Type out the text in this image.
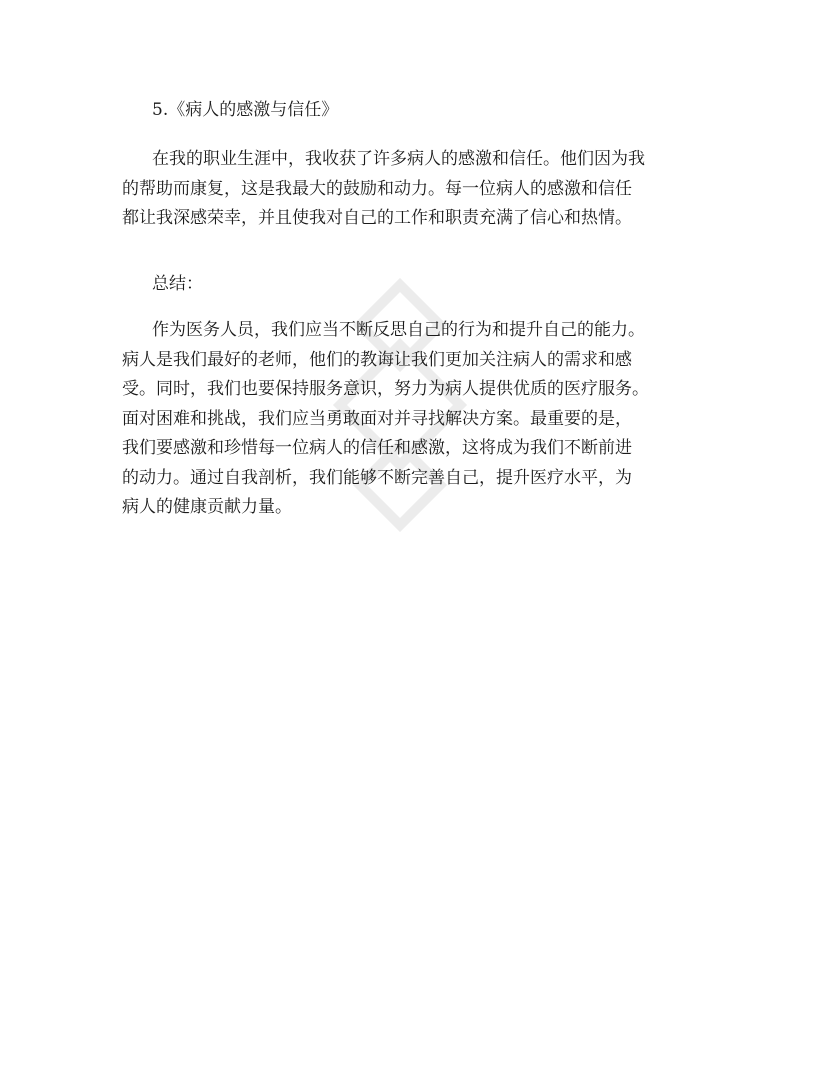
5.《病人的感激与信任》

在我的职业生涯中，我收获了许多病人的感激和信任。他们因为我
的帮助而康复，这是我最大的鼓励和动力。每一位病人的感激和信任
都让我深感荣幸，并且使我对自己的工作和职责充满了信心和热情。

总结：

作为医务人员，我们应当不断反思自己的行为和提升自己的能力。
病人是我们最好的老师，他们的教诲让我们更加关注病人的需求和感
受。同时，我们也要保持服务意识，努力为病人提供优质的医疗服务。
面对困难和挑战，我们应当勇敢面对并寻找解决方案。最重要的是，
我们要感激和珍惜每一位病人的信任和感激，这将成为我们不断前进
的动力。通过自我剖析，我们能够不断完善自己，提升医疗水平，为
病人的健康贡献力量。
